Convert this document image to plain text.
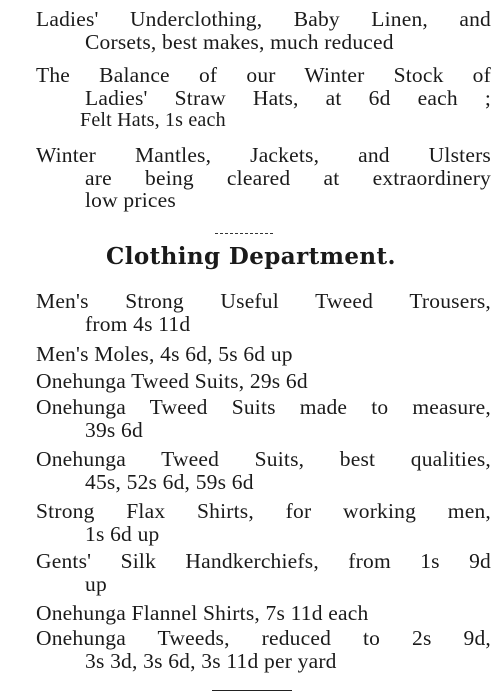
Ladies' Underclothing, Baby Linen, and
Corsets, best makes, much reduced
The Balance of our Winter Stock of
Ladies' Straw Hats, at 6d each ;
Felt Hats, 1s each
Winter Mantles, Jackets, and Ulsters
are being cleared at extraordinery
low prices
Clothing Department.
Men's Strong Useful Tweed Trousers,
from 4s 11d
Men's Moles, 4s 6d, 5s 6d up
Onehunga Tweed Suits, 29s 6d
Onehunga Tweed Suits made to measure,
39s 6d
Onehunga Tweed Suits, best qualities,
45s, 52s 6d, 59s 6d
Strong Flax Shirts, for working men,
1s 6d up
Gents' Silk Handkerchiefs, from 1s 9d
up
Onehunga Flannel Shirts, 7s 11d each
Onehunga Tweeds, reduced to 2s 9d,
3s 3d, 3s 6d, 3s 11d per yard
